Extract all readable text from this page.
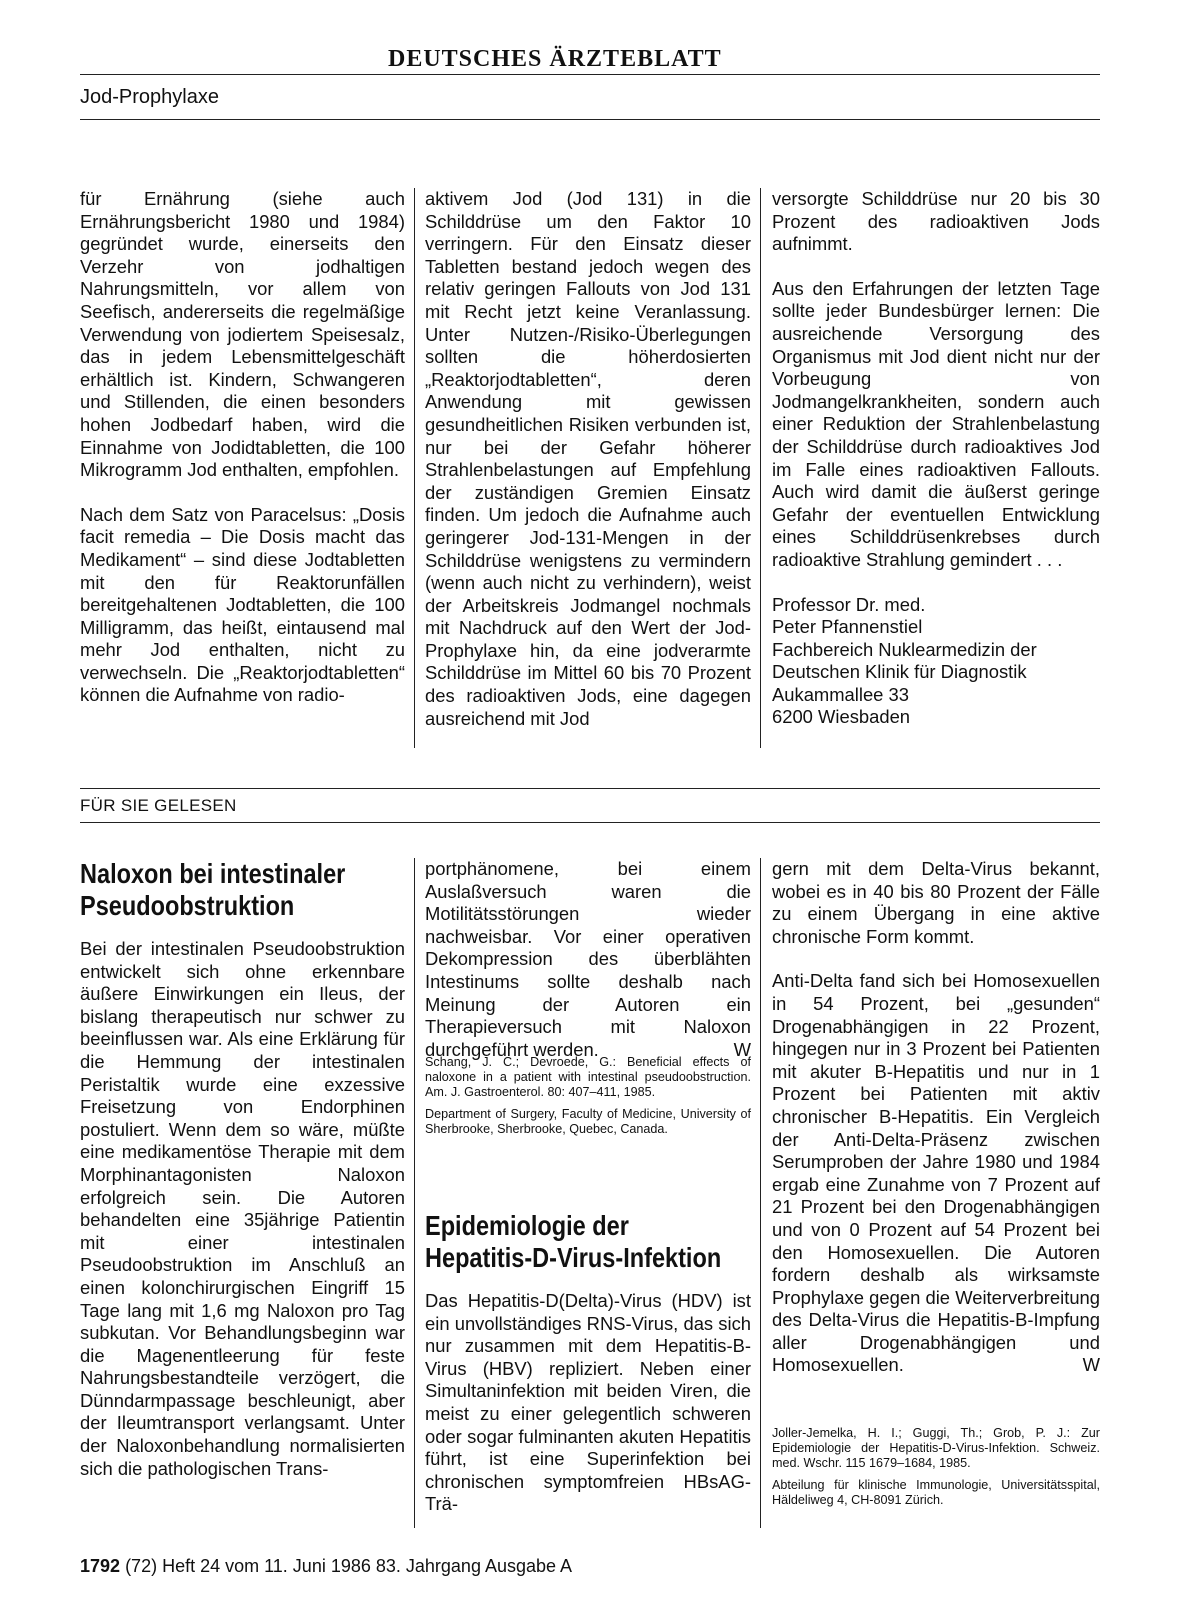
DEUTSCHES ÄRZTEBLATT
Jod-Prophylaxe

für Ernährung (siehe auch Ernährungsbericht 1980 und 1984) gegründet wurde, einerseits den Verzehr von jodhaltigen Nahrungsmitteln, vor allem von Seefisch, andererseits die regelmäßige Verwendung von jodiertem Speisesalz, das in jedem Lebensmittelgeschäft erhältlich ist. Kindern, Schwangeren und Stillenden, die einen besonders hohen Jodbedarf haben, wird die Einnahme von Jodidtabletten, die 100 Mikrogramm Jod enthalten, empfohlen.

Nach dem Satz von Paracelsus: „Dosis facit remedia – Die Dosis macht das Medikament“ – sind diese Jodtabletten mit den für Reaktorunfällen bereitgehaltenen Jodtabletten, die 100 Milligramm, das heißt, eintausend mal mehr Jod enthalten, nicht zu verwechseln. Die „Reaktorjodtabletten“ können die Aufnahme von radio-

aktivem Jod (Jod 131) in die Schilddrüse um den Faktor 10 verringern. Für den Einsatz dieser Tabletten bestand jedoch wegen des relativ geringen Fallouts von Jod 131 mit Recht jetzt keine Veranlassung. Unter Nutzen-/Risiko-Überlegungen sollten die höherdosierten „Reaktorjodtabletten“, deren Anwendung mit gewissen gesundheitlichen Risiken verbunden ist, nur bei der Gefahr höherer Strahlenbelastungen auf Empfehlung der zuständigen Gremien Einsatz finden. Um jedoch die Aufnahme auch geringerer Jod-131-Mengen in der Schilddrüse wenigstens zu vermindern (wenn auch nicht zu verhindern), weist der Arbeitskreis Jodmangel nochmals mit Nachdruck auf den Wert der Jod-Prophylaxe hin, da eine jodverarmte Schilddrüse im Mittel 60 bis 70 Prozent des radioaktiven Jods, eine dagegen ausreichend mit Jod

versorgte Schilddrüse nur 20 bis 30 Prozent des radioaktiven Jods aufnimmt.

Aus den Erfahrungen der letzten Tage sollte jeder Bundesbürger lernen: Die ausreichende Versorgung des Organismus mit Jod dient nicht nur der Vorbeugung von Jodmangelkrankheiten, sondern auch einer Reduktion der Strahlenbelastung der Schilddrüse durch radioaktives Jod im Falle eines radioaktiven Fallouts. Auch wird damit die äußerst geringe Gefahr der eventuellen Entwicklung eines Schilddrüsenkrebses durch radioaktive Strahlung gemindert . . .

Professor Dr. med.

Peter Pfannenstiel

Fachbereich Nuklearmedizin der

Deutschen Klinik für Diagnostik

Aukammallee 33

6200 Wiesbaden

FÜR SIE GELESEN
Naloxon bei intestinaler
Pseudoobstruktion

Bei der intestinalen Pseudoobstruktion entwickelt sich ohne erkennbare äußere Einwirkungen ein Ileus, der bislang therapeutisch nur schwer zu beeinflussen war. Als eine Erklärung für die Hemmung der intestinalen Peristaltik wurde eine exzessive Freisetzung von Endorphinen postuliert. Wenn dem so wäre, müßte eine medikamentöse Therapie mit dem Morphinantagonisten Naloxon erfolgreich sein. Die Autoren behandelten eine 35jährige Patientin mit einer intestinalen Pseudoobstruktion im Anschluß an einen kolonchirurgischen Eingriff 15 Tage lang mit 1,6 mg Naloxon pro Tag subkutan. Vor Behandlungsbeginn war die Magenentleerung für feste Nahrungsbestandteile verzögert, die Dünndarmpassage beschleunigt, aber der Ileumtransport verlangsamt. Unter der Naloxonbehandlung normalisierten sich die pathologischen Trans-

portphänomene, bei einem Auslaßversuch waren die Motilitätsstörungen wieder nachweisbar. Vor einer operativen Dekompression des überblähten Intestinums sollte deshalb nach Meinung der Autoren ein Therapieversuch mit Naloxon durchgeführt werden.	W

Schang, J. C.; Devroede, G.: Beneficial effects of naloxone in a patient with intestinal pseudoobstruction. Am. J. Gastroenterol. 80: 407–411, 1985.

Department of Surgery, Faculty of Medicine, University of Sherbrooke, Sherbrooke, Quebec, Canada.

Epidemiologie der
Hepatitis-D-Virus-Infektion

Das Hepatitis-D(Delta)-Virus (HDV) ist ein unvollständiges RNS-Virus, das sich nur zusammen mit dem Hepatitis-B-Virus (HBV) repliziert. Neben einer Simultaninfektion mit beiden Viren, die meist zu einer gelegentlich schweren oder sogar fulminanten akuten Hepatitis führt, ist eine Superinfektion bei chronischen symptomfreien HBsAG-Trä-

gern mit dem Delta-Virus bekannt, wobei es in 40 bis 80 Prozent der Fälle zu einem Übergang in eine aktive chronische Form kommt.

Anti-Delta fand sich bei Homosexuellen in 54 Prozent, bei „gesunden“ Drogenabhängigen in 22 Prozent, hingegen nur in 3 Prozent bei Patienten mit akuter B-Hepatitis und nur in 1 Prozent bei Patienten mit aktiv chronischer B-Hepatitis. Ein Vergleich der Anti-Delta-Präsenz zwischen Serumproben der Jahre 1980 und 1984 ergab eine Zunahme von 7 Prozent auf 21 Prozent bei den Drogenabhängigen und von 0 Prozent auf 54 Prozent bei den Homosexuellen. Die Autoren fordern deshalb als wirksamste Prophylaxe gegen die Weiterverbreitung des Delta-Virus die Hepatitis-B-Impfung aller Drogenabhängigen und Homosexuellen.	W

Joller-Jemelka, H. I.; Guggi, Th.; Grob, P. J.: Zur Epidemiologie der Hepatitis-D-Virus-Infektion. Schweiz. med. Wschr. 115 1679–1684, 1985.

Abteilung für klinische Immunologie, Universitätsspital, Häldeliweg 4, CH-8091 Zürich.

1792 (72) Heft 24 vom 11. Juni 1986 83. Jahrgang Ausgabe A
